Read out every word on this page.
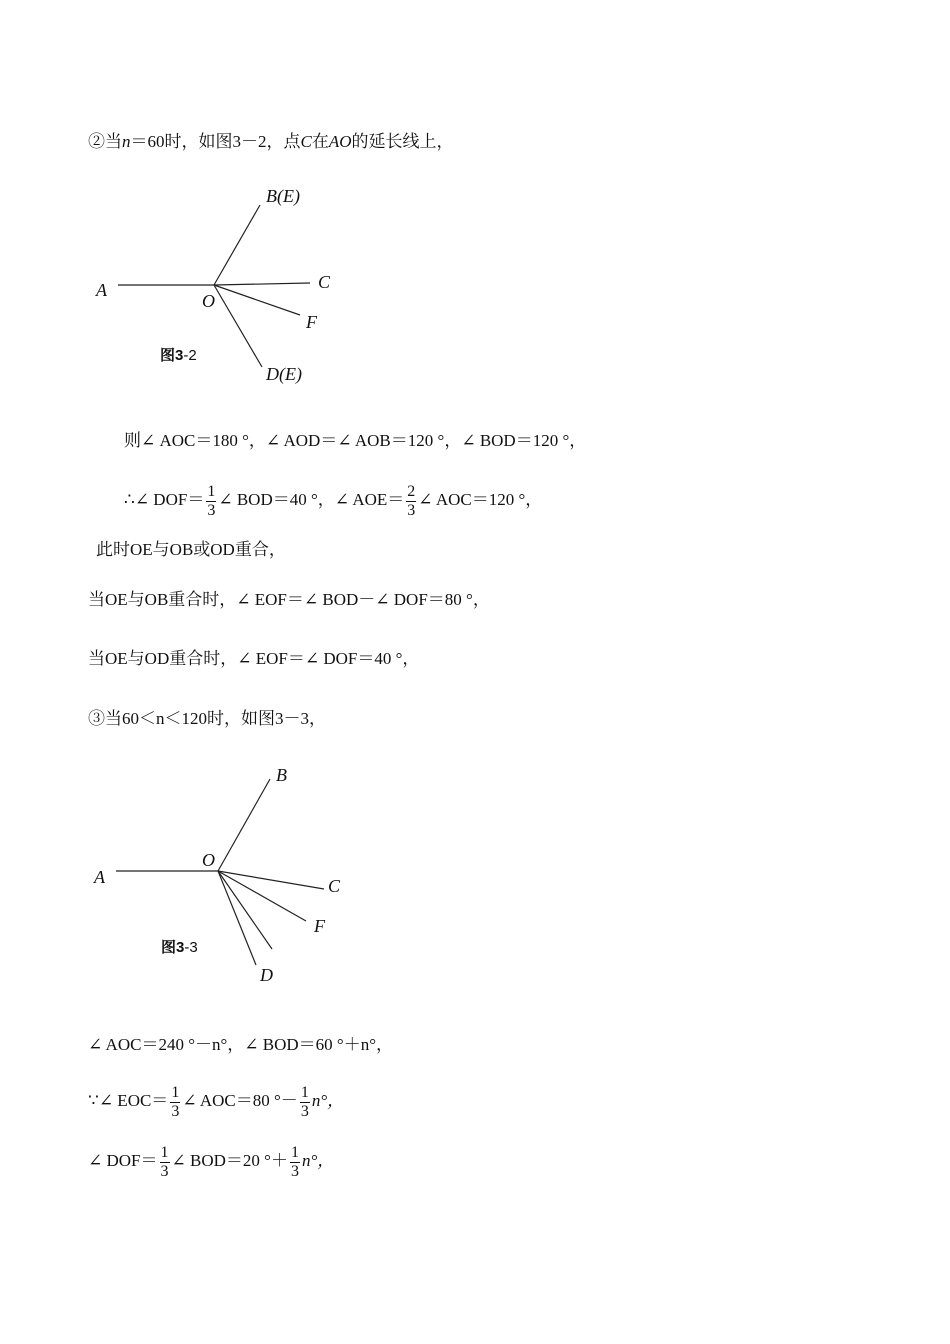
②当n＝60时，如图3－2，点C在AO的延长线上，
B(E)
A	C
O
F
D(E)
图3-2
则∠ AOC＝180 °，∠ AOD＝∠ AOB＝120 °，∠ BOD＝120 °，
∴∠ $DOF= \frac{1}{3}$ ∠ BOD＝40 °，∠ $AOE= \frac{2}{3}$ ∠ AOC＝120 °，
此时OE与OB或OD重合，
当OE与OB重合时，∠ EOF＝∠ BOD－∠ DOF＝80 °，
当OE与OD重合时，∠ EOF＝∠ DOF＝40 °，
③当60＜n＜120时，如图3－3，
B
O
A	C
F
D
图3-3
∠ AOC＝240 °－n°，∠ BOD＝60 °＋n°，
∵∠ $EOC= \frac{1}{3}$ ∠ AOC＝80 °－ $\frac{1}{3} n^\circ$，
∠ $DOF= \frac{1}{3}$ ∠ BOD＝20 °＋ $\frac{1}{3} n^\circ$，
